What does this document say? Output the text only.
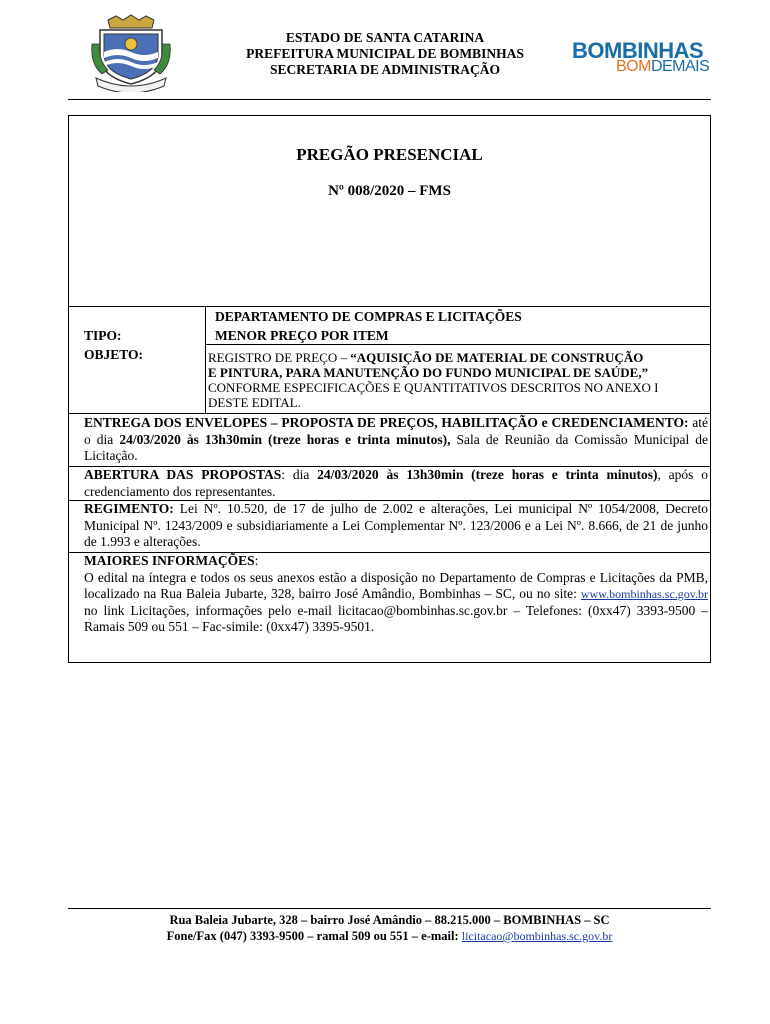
ESTADO DE SANTA CATARINA
PREFEITURA MUNICIPAL DE BOMBINHAS
SECRETARIA DE ADMINISTRAÇÃO
BOMBINHAS
BOMDEMAIS
PREGÃO PRESENCIAL
Nº 008/2020 – FMS
DEPARTAMENTO DE COMPRAS E LICITAÇÕES
TIPO:	MENOR PREÇO POR ITEM
OBJETO:	REGISTRO DE PREÇO – “AQUISIÇÃO DE MATERIAL DE CONSTRUÇÃO
E PINTURA, PARA MANUTENÇÃO DO FUNDO MUNICIPAL DE SAÚDE,”
CONFORME ESPECIFICAÇÕES E QUANTITATIVOS DESCRITOS NO ANEXO I
DESTE EDITAL.
ENTREGA DOS ENVELOPES – PROPOSTA DE PREÇOS, HABILITAÇÃO e CREDENCIAMENTO: até o dia 24/03/2020 às 13h30min (treze horas e trinta minutos), Sala de Reunião da Comissão Municipal de Licitação.
ABERTURA DAS PROPOSTAS: dia 24/03/2020 às 13h30min (treze horas e trinta minutos), após o credenciamento dos representantes.
REGIMENTO: Lei Nº. 10.520, de 17 de julho de 2.002 e alterações, Lei municipal Nº 1054/2008, Decreto Municipal Nº. 1243/2009 e subsidiariamente a Lei Complementar Nº. 123/2006 e a Lei Nº. 8.666, de 21 de junho de 1.993 e alterações.
MAIORES INFORMAÇÕES:
O edital na íntegra e todos os seus anexos estão a disposição no Departamento de Compras e Licitações da PMB, localizado na Rua Baleia Jubarte, 328, bairro José Amândio, Bombinhas – SC, ou no site: www.bombinhas.sc.gov.br no link Licitações, informações pelo e-mail licitacao@bombinhas.sc.gov.br – Telefones: (0xx47) 3393-9500 – Ramais 509 ou 551 – Fac-simile: (0xx47) 3395-9501.
Rua Baleia Jubarte, 328 – bairro José Amândio – 88.215.000 – BOMBINHAS – SC
Fone/Fax (047) 3393-9500 – ramal 509 ou 551 – e-mail: licitacao@bombinhas.sc.gov.br
